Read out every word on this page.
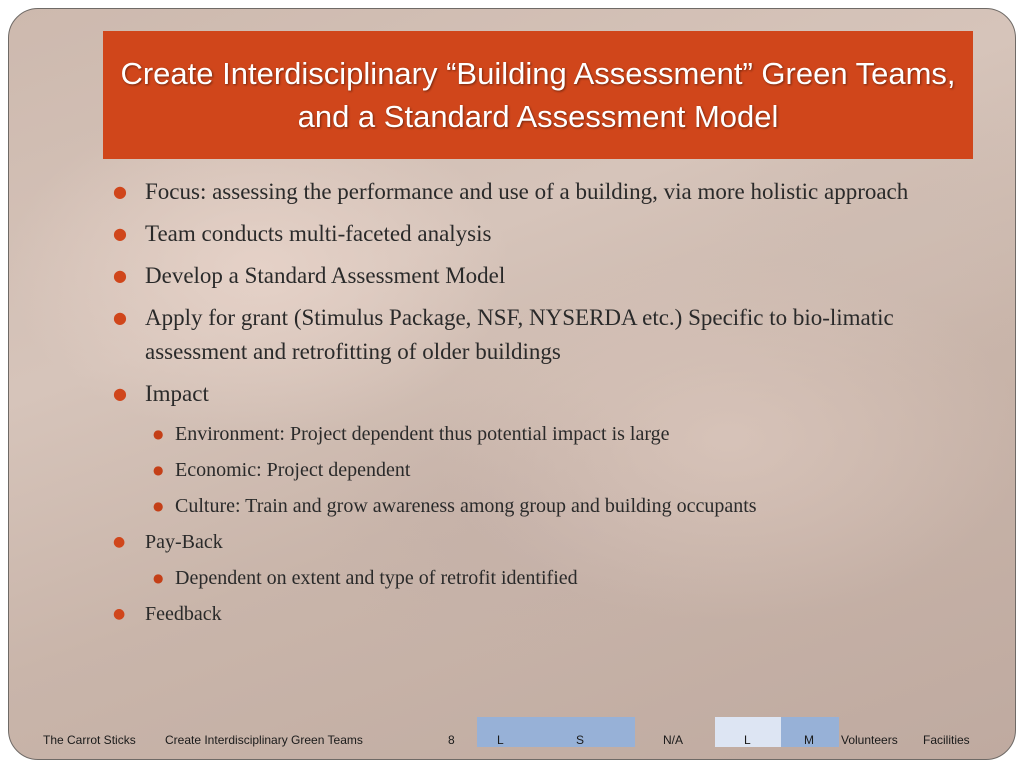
Create Interdisciplinary “Building Assessment” Green Teams, and a Standard Assessment Model
● Focus: assessing the performance and use of a building, via more holistic approach
● Team conducts multi-faceted analysis
● Develop a Standard Assessment Model
● Apply for grant (Stimulus Package, NSF, NYSERDA etc.) Specific to bio-limatic assessment and retrofitting of older buildings
● Impact
● Environment: Project dependent thus potential impact is large
● Economic: Project dependent
● Culture: Train and grow awareness among group and building occupants
● Pay-Back
● Dependent on extent and type of retrofit identified
● Feedback
The Carrot Sticks Create Interdisciplinary Green Teams	8	L	S	N/A	L	M Volunteers Facilities
